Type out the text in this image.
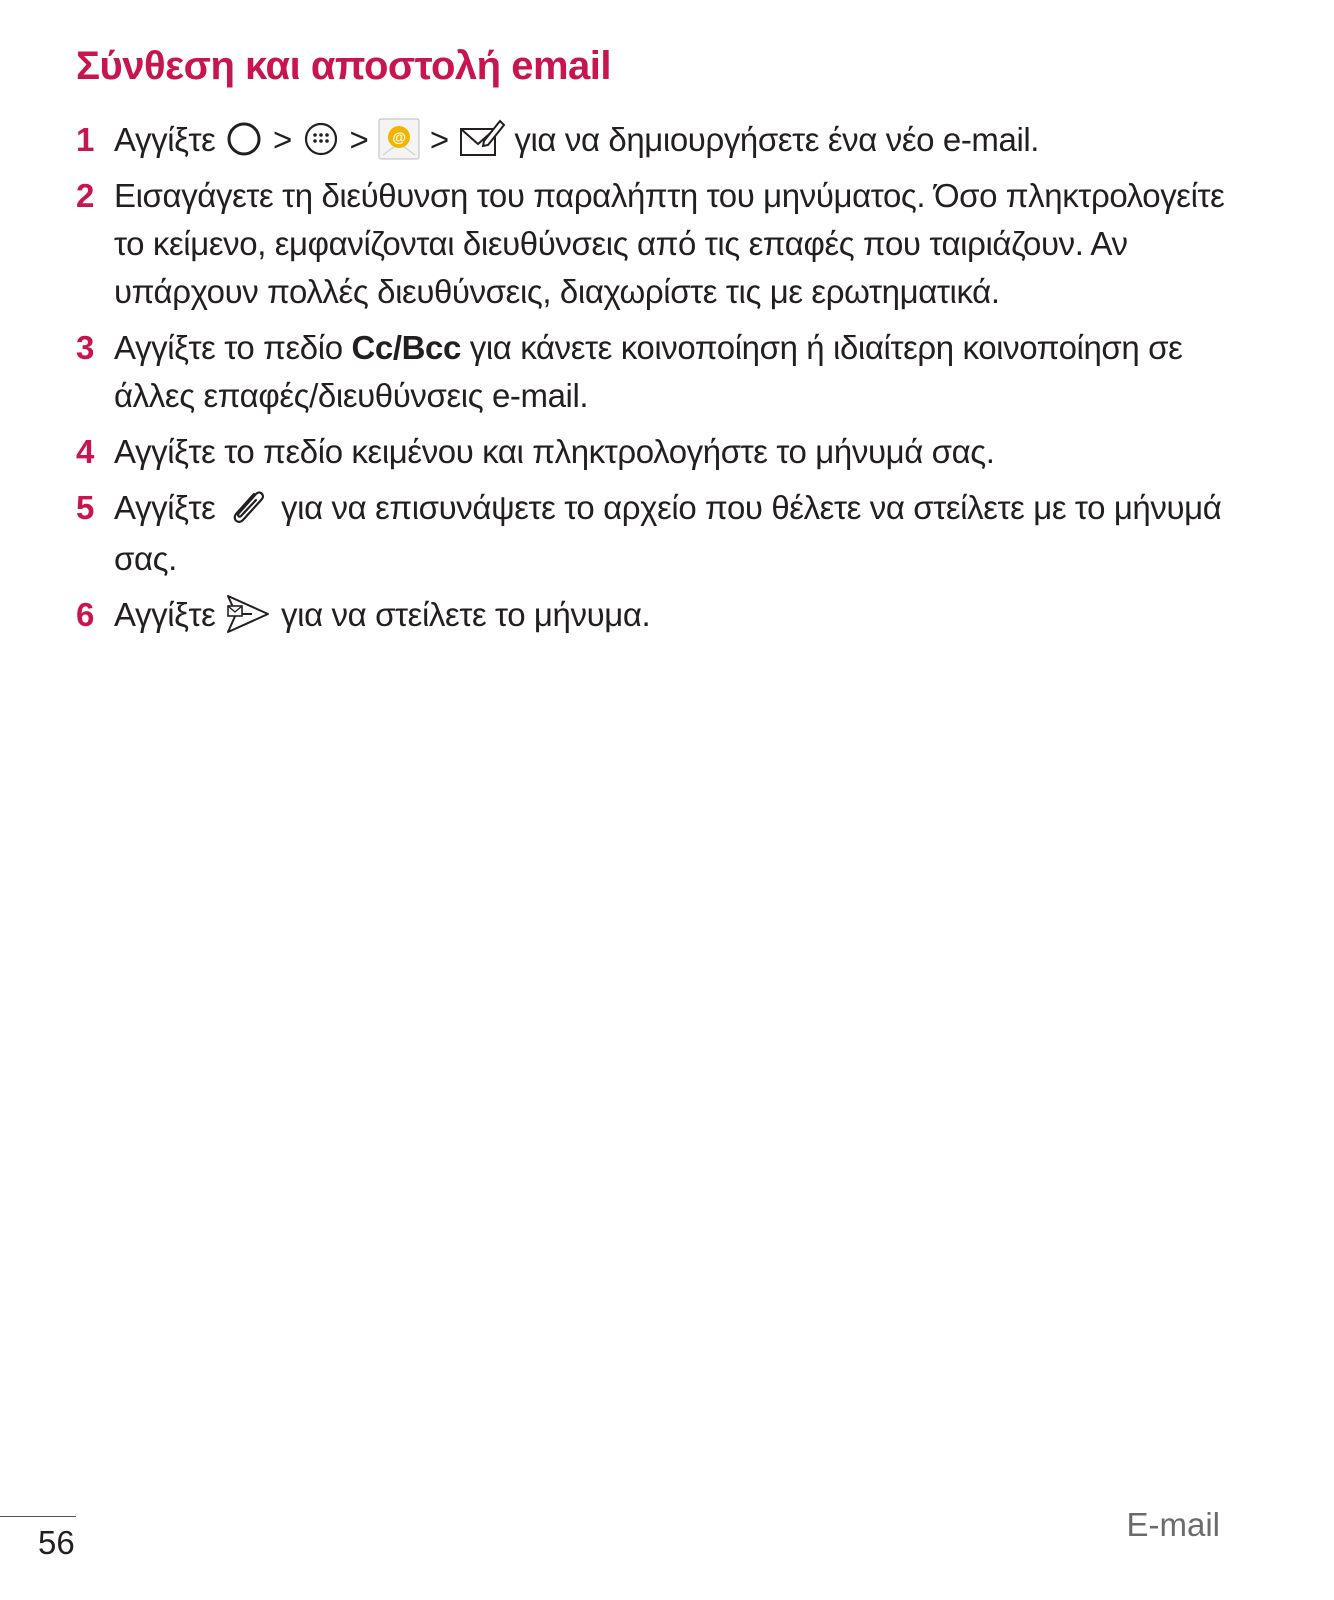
Σύνθεση και αποστολή email
1 Αγγίξτε > > @ > για να δημιουργήσετε ένα νέο e-mail.
2 Εισαγάγετε τη διεύθυνση του παραλήπτη του μηνύματος. Όσο πληκτρολογείτε το κείμενο, εμφανίζονται διευθύνσεις από τις επαφές που ταιριάζουν. Αν υπάρχουν πολλές διευθύνσεις, διαχωρίστε τις με ερωτηματικά.
3 Αγγίξτε το πεδίο Cc/Bcc για κάνετε κοινοποίηση ή ιδιαίτερη κοινοποίηση σε άλλες επαφές/διευθύνσεις e-mail.
4 Αγγίξτε το πεδίο κειμένου και πληκτρολογήστε το μήνυμά σας.
5 Αγγίξτε για να επισυνάψετε το αρχείο που θέλετε να στείλετε με το μήνυμά σας.
6 Αγγίξτε για να στείλετε το μήνυμα.
56	E-mail
